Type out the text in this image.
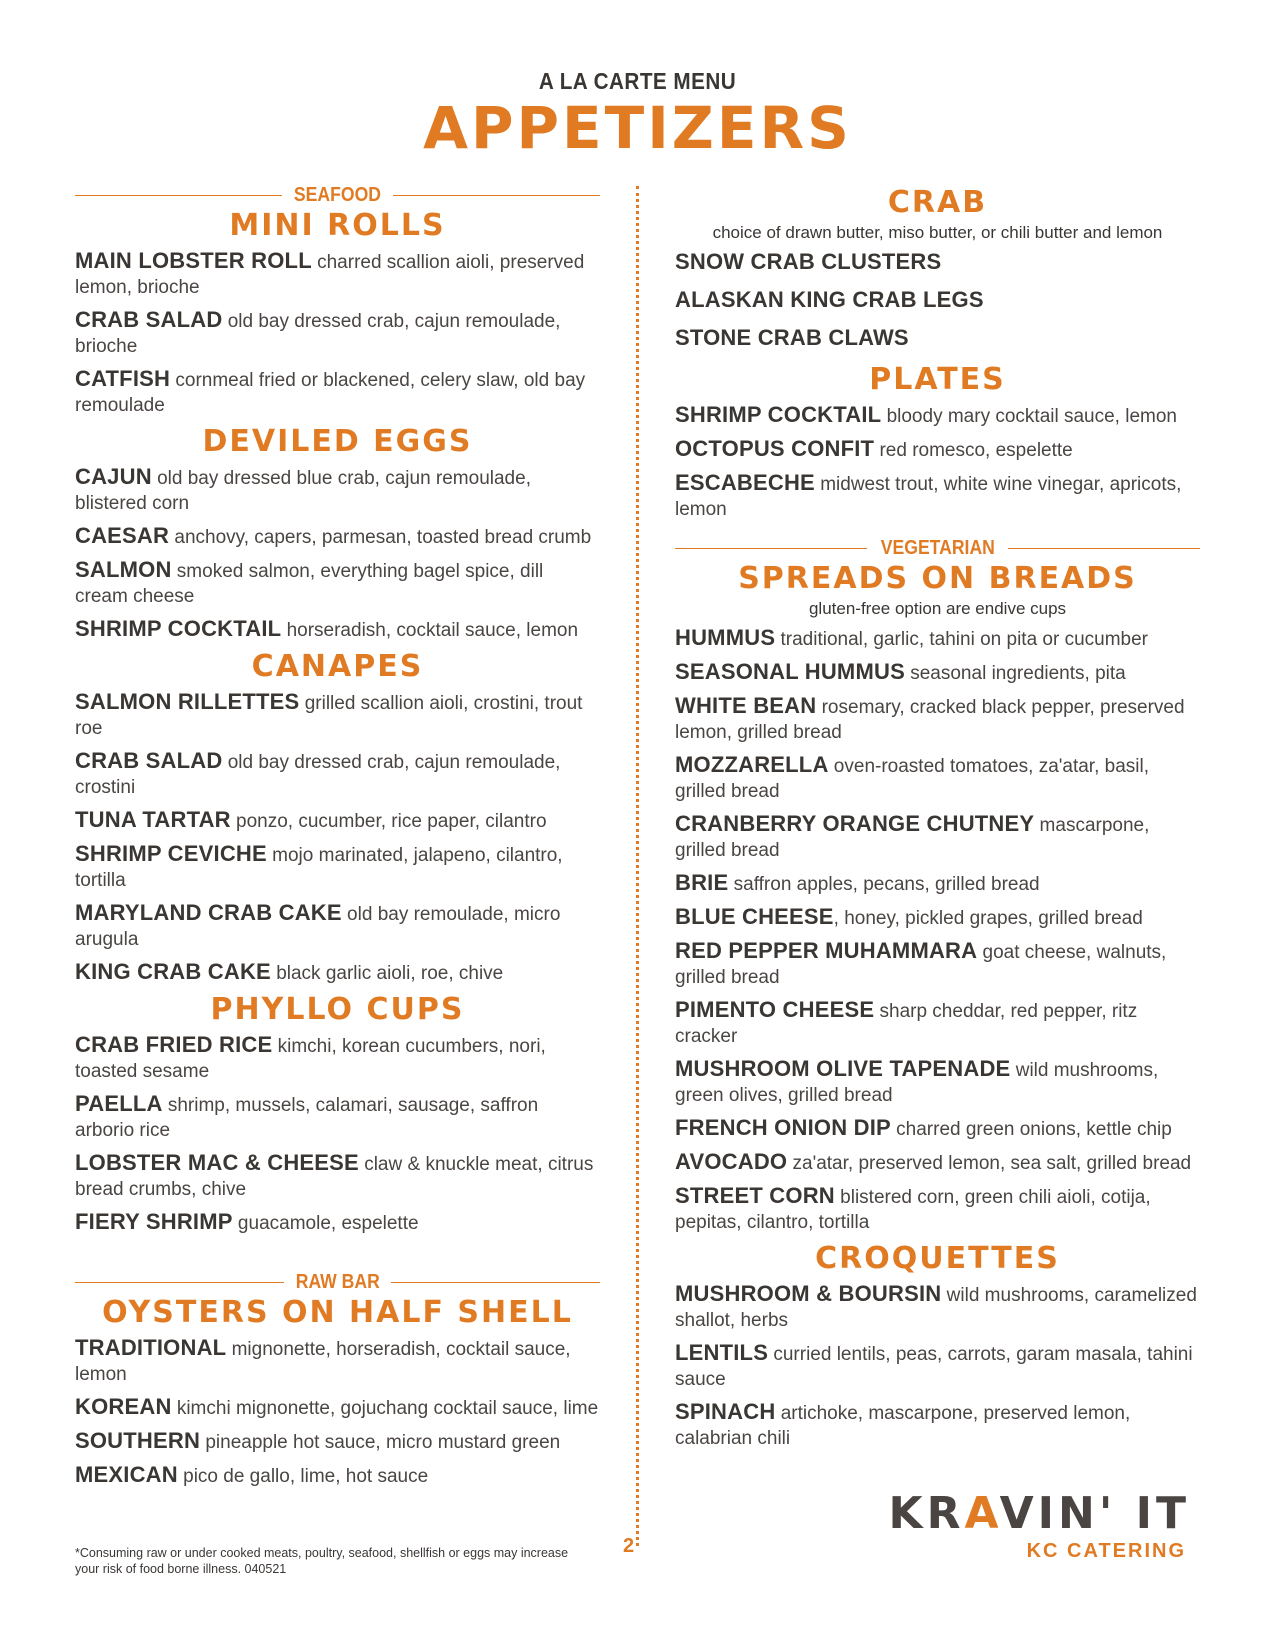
A LA CARTE MENU
APPETIZERS
SEAFOOD
MINI ROLLS
MAIN LOBSTER ROLL charred scallion aioli, preserved lemon, brioche
CRAB SALAD old bay dressed crab, cajun remoulade, brioche
CATFISH cornmeal fried or blackened, celery slaw, old bay remoulade
DEVILED EGGS
CAJUN old bay dressed blue crab, cajun remoulade, blistered corn
CAESAR anchovy, capers, parmesan, toasted bread crumb
SALMON smoked salmon, everything bagel spice, dill cream cheese
SHRIMP COCKTAIL horseradish, cocktail sauce, lemon
CANAPES
SALMON RILLETTES grilled scallion aioli, crostini, trout roe
CRAB SALAD old bay dressed crab, cajun remoulade, crostini
TUNA TARTAR ponzo, cucumber, rice paper, cilantro
SHRIMP CEVICHE mojo marinated, jalapeno, cilantro, tortilla
MARYLAND CRAB CAKE old bay remoulade, micro arugula
KING CRAB CAKE black garlic aioli, roe, chive
PHYLLO CUPS
CRAB FRIED RICE kimchi, korean cucumbers, nori, toasted sesame
PAELLA shrimp, mussels, calamari, sausage, saffron arborio rice
LOBSTER MAC & CHEESE claw & knuckle meat, citrus bread crumbs, chive
FIERY SHRIMP guacamole, espelette
RAW BAR
OYSTERS ON HALF SHELL
TRADITIONAL mignonette, horseradish, cocktail sauce, lemon
KOREAN kimchi mignonette, gojuchang cocktail sauce, lime
SOUTHERN pineapple hot sauce, micro mustard green
MEXICAN pico de gallo, lime, hot sauce
CRAB
choice of drawn butter, miso butter, or chili butter and lemon
SNOW CRAB CLUSTERS
ALASKAN KING CRAB LEGS
STONE CRAB CLAWS
PLATES
SHRIMP COCKTAIL bloody mary cocktail sauce, lemon
OCTOPUS CONFIT red romesco, espelette
ESCABECHE midwest trout, white wine vinegar, apricots, lemon
VEGETARIAN
SPREADS ON BREADS
gluten-free option are endive cups
HUMMUS traditional, garlic, tahini on pita or cucumber
SEASONAL HUMMUS seasonal ingredients, pita
WHITE BEAN rosemary, cracked black pepper, preserved lemon, grilled bread
MOZZARELLA oven-roasted tomatoes, za'atar, basil, grilled bread
CRANBERRY ORANGE CHUTNEY mascarpone, grilled bread
BRIE saffron apples, pecans, grilled bread
BLUE CHEESE, honey, pickled grapes, grilled bread
RED PEPPER MUHAMMARA goat cheese, walnuts, grilled bread
PIMENTO CHEESE sharp cheddar, red pepper, ritz cracker
MUSHROOM OLIVE TAPENADE wild mushrooms, green olives, grilled bread
FRENCH ONION DIP charred green onions, kettle chip
AVOCADO za'atar, preserved lemon, sea salt, grilled bread
STREET CORN blistered corn, green chili aioli, cotija, pepitas, cilantro, tortilla
CROQUETTES
MUSHROOM & BOURSIN wild mushrooms, caramelized shallot, herbs
LENTILS curried lentils, peas, carrots, garam masala, tahini sauce
SPINACH artichoke, mascarpone, preserved lemon, calabrian chili
*Consuming raw or under cooked meats, poultry, seafood, shellfish or eggs may increase your risk of food borne illness. 040521
2
KRAVIN' IT
KC CATERING
